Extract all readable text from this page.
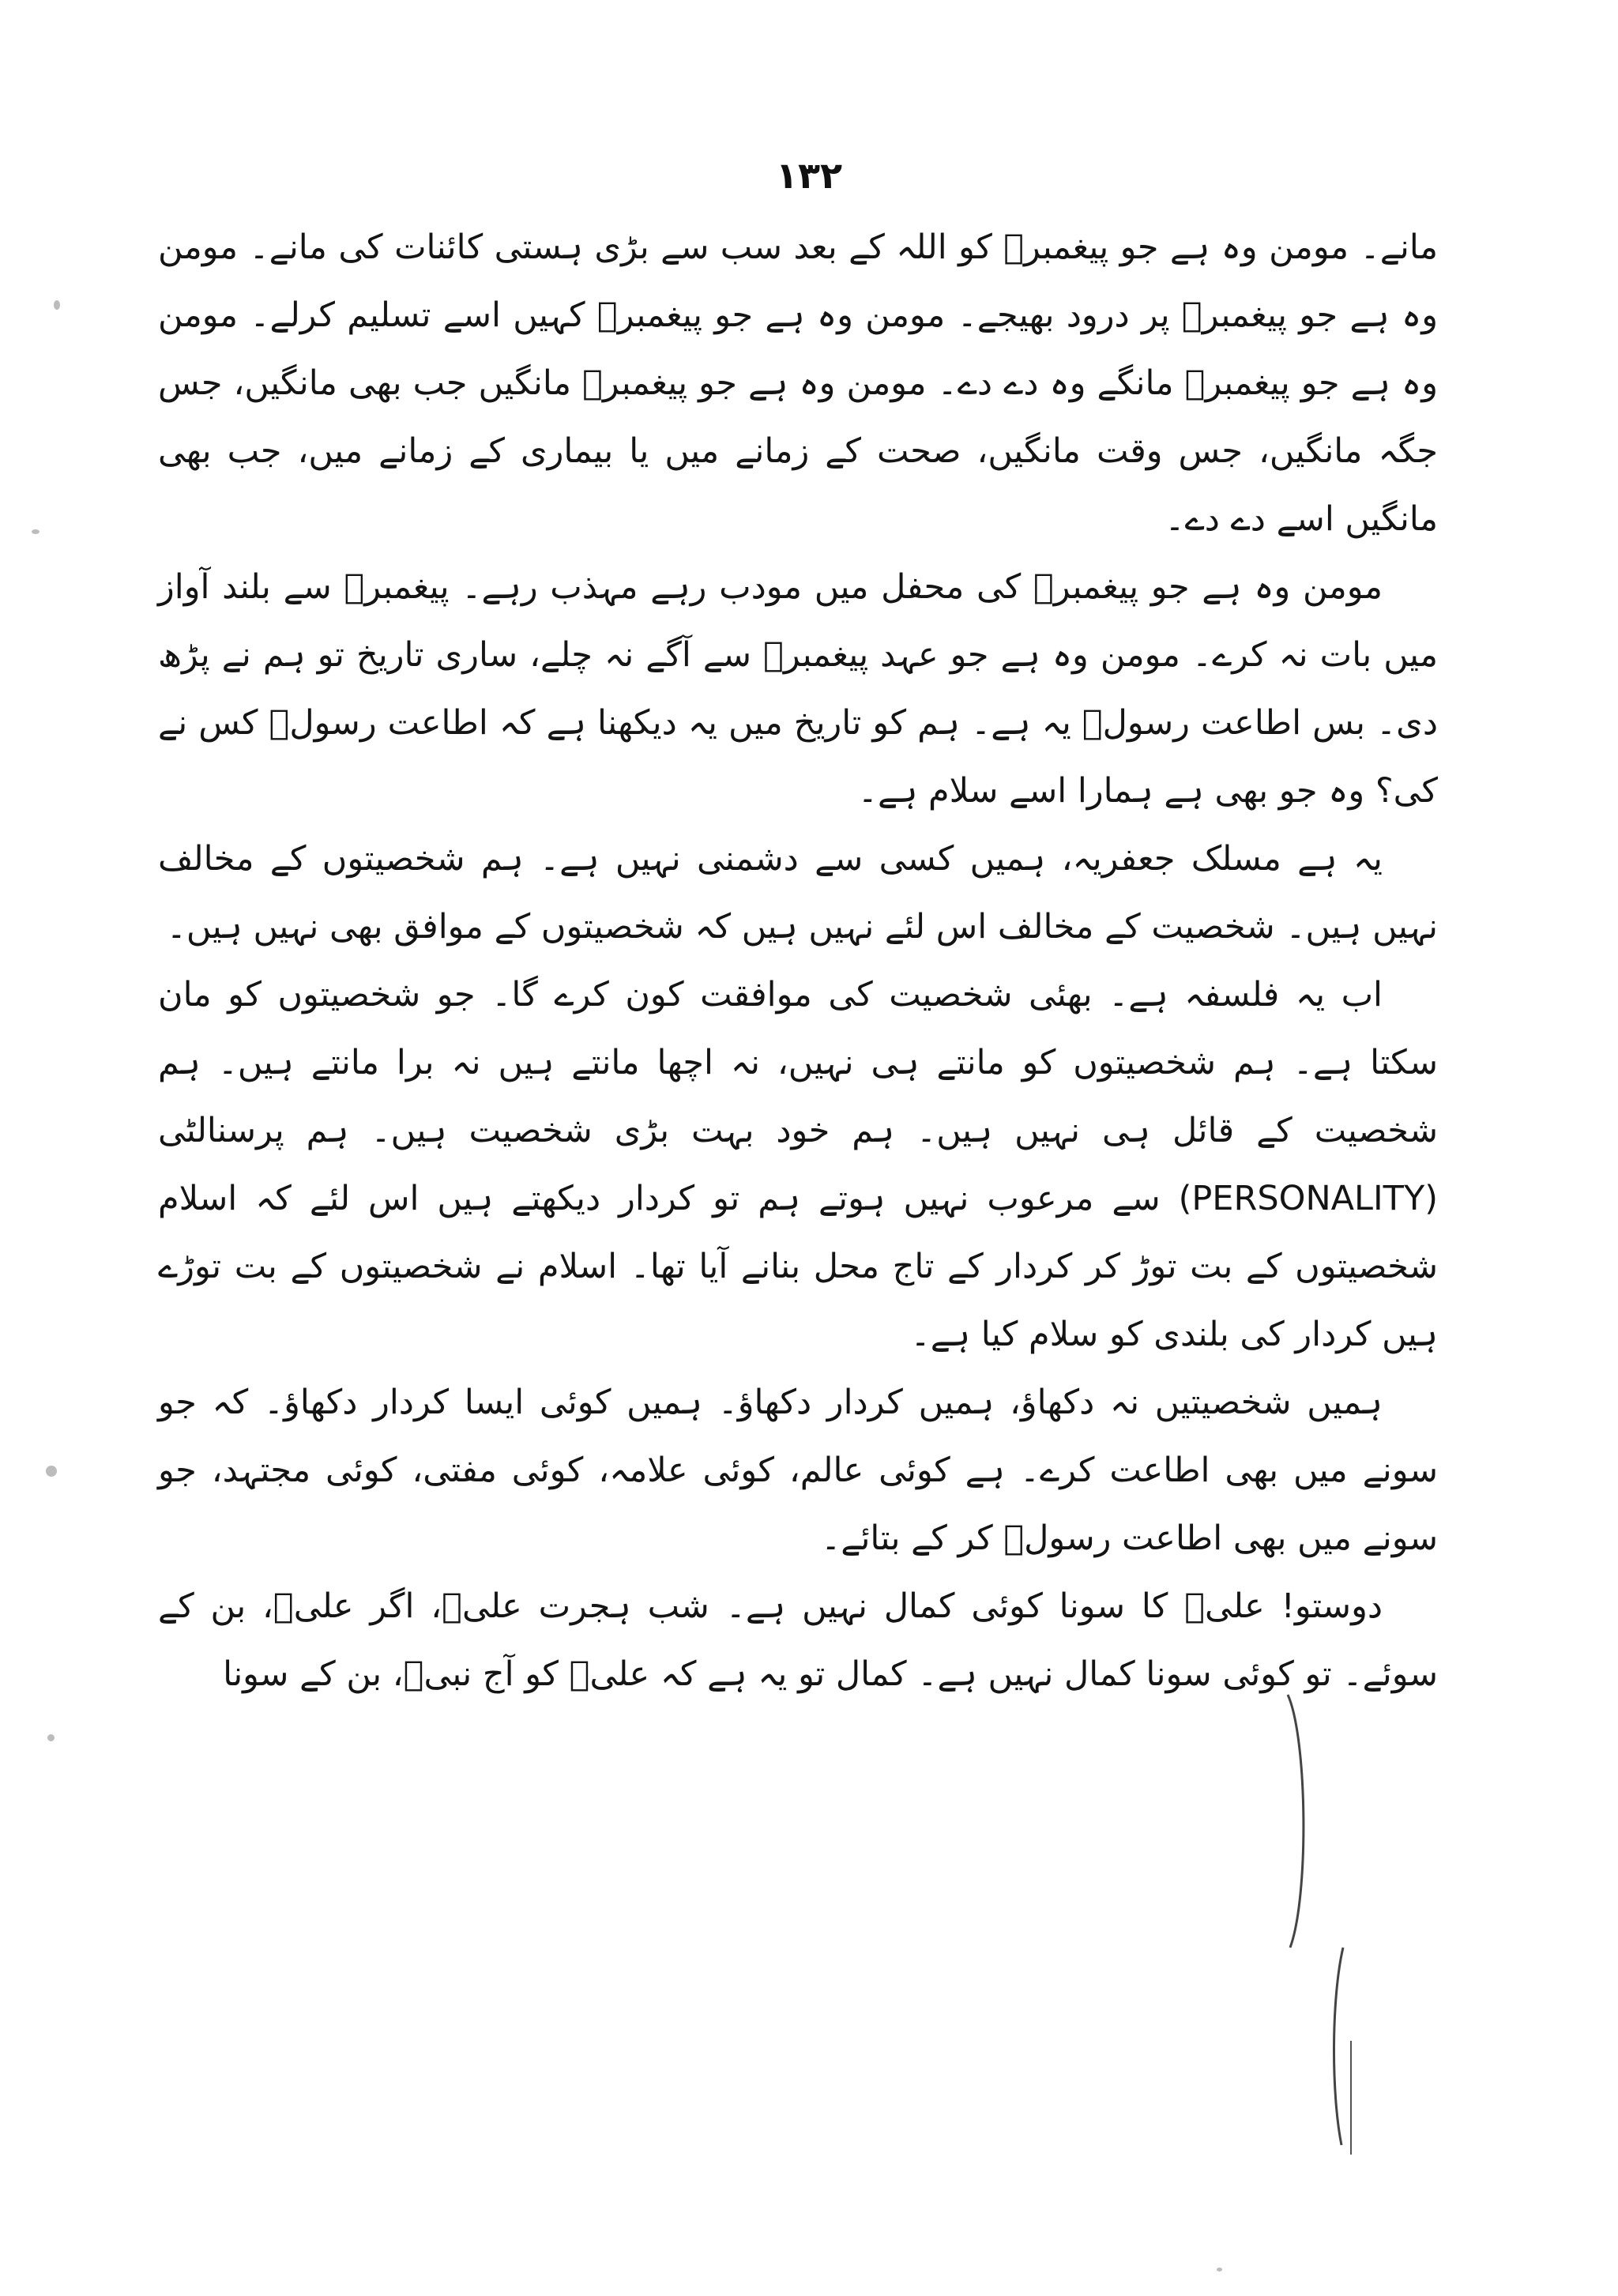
۱۳۲

مانے۔ مومن وہ ہے جو پیغمبرؐ کو اللہ کے بعد سب سے بڑی ہستی کائنات کی مانے۔ مومن وہ ہے جو پیغمبرؐ پر درود بھیجے۔ مومن وہ ہے جو پیغمبرؐ کہیں اسے تسلیم کرلے۔ مومن وہ ہے جو پیغمبرؐ مانگے وہ دے دے۔ مومن وہ ہے جو پیغمبرؐ مانگیں جب بھی مانگیں، جس جگہ مانگیں، جس وقت مانگیں، صحت کے زمانے میں یا بیماری کے زمانے میں، جب بھی مانگیں اسے دے دے۔

مومن وہ ہے جو پیغمبرؐ کی محفل میں مودب رہے مہذب رہے۔ پیغمبرؐ سے بلند آواز میں بات نہ کرے۔ مومن وہ ہے جو عہد پیغمبرؐ سے آگے نہ چلے، ساری تاریخ تو ہم نے پڑھ دی۔ بس اطاعت رسولؐ یہ ہے۔ ہم کو تاریخ میں یہ دیکھنا ہے کہ اطاعت رسولؐ کس نے کی؟ وہ جو بھی ہے ہمارا اسے سلام ہے۔

یہ ہے مسلک جعفریہ، ہمیں کسی سے دشمنی نہیں ہے۔ ہم شخصیتوں کے مخالف نہیں ہیں۔ شخصیت کے مخالف اس لئے نہیں ہیں کہ شخصیتوں کے موافق بھی نہیں ہیں۔

اب یہ فلسفہ ہے۔ بھئی شخصیت کی موافقت کون کرے گا۔ جو شخصیتوں کو مان سکتا ہے۔ ہم شخصیتوں کو مانتے ہی نہیں، نہ اچھا مانتے ہیں نہ برا مانتے ہیں۔ ہم شخصیت کے قائل ہی نہیں ہیں۔ ہم خود بہت بڑی شخصیت ہیں۔ ہم پرسنالٹی (PERSONALITY) سے مرعوب نہیں ہوتے ہم تو کردار دیکھتے ہیں اس لئے کہ اسلام شخصیتوں کے بت توڑ کر کردار کے تاج محل بنانے آیا تھا۔ اسلام نے شخصیتوں کے بت توڑے ہیں کردار کی بلندی کو سلام کیا ہے۔

ہمیں شخصیتیں نہ دکھاؤ، ہمیں کردار دکھاؤ۔ ہمیں کوئی ایسا کردار دکھاؤ۔ کہ جو سونے میں بھی اطاعت کرے۔ ہے کوئی عالم، کوئی علامہ، کوئی مفتی، کوئی مجتہد، جو سونے میں بھی اطاعت رسولؐ کر کے بتائے۔

دوستو! علیؑ کا سونا کوئی کمال نہیں ہے۔ شب ہجرت علیؑ، اگر علیؑ، بن کے سوئے۔ تو کوئی سونا کمال نہیں ہے۔ کمال تو یہ ہے کہ علیؑ کو آج نبیؐ، بن کے سونا
